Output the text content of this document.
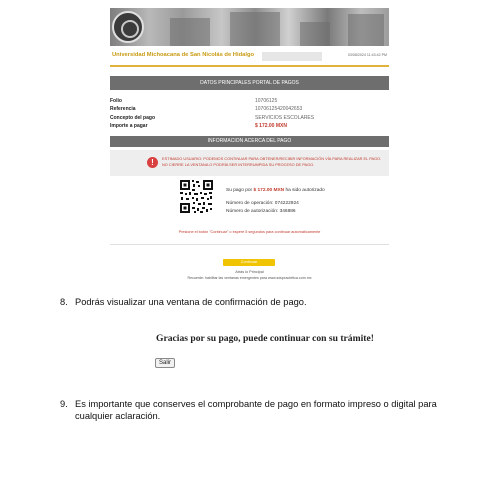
Universidad Michoacana de San Nicolás de Hidalgo	03/08/2024 11:43:42 PM
DATOS PRINCIPALES PORTAL DE PAGOS
Folio	10706125
Referencia	10706125420042653
Concepto del pago	SERVICIOS ESCOLARES
Importe a pagar	$ 172.00 MXN
INFORMACION ACERCA DEL PAGO
!	ESTIMADO USUARIO: PODEMOS CONTINUAR PARA OBTENER/RECIBIR INFORMACIÓN VÍA PARA REALIZAR EL PAGO. NO CIERRE LA VENTANA O PODRÍA SER INTERRUMPIDA SU PROCESO DE PAGO.
Su pago por $ 172.00 MXN ha sido autorizado
Número de operación: 074222924
Número de autorización: 346886
Presione el botón "Continuar" o espere 5 segundos para continuar automáticamente
Continuar
Atrás lo Principal
Recuerde: habilitar las ventanas emergentes para www.sdupractetica.com.mx
8. Podrás visualizar una ventana de confirmación de pago.
Gracias por su pago, puede continuar con su trámite!
Salir
9. Es importante que conserves el comprobante de pago en formato impreso o digital para
cualquier aclaración.
